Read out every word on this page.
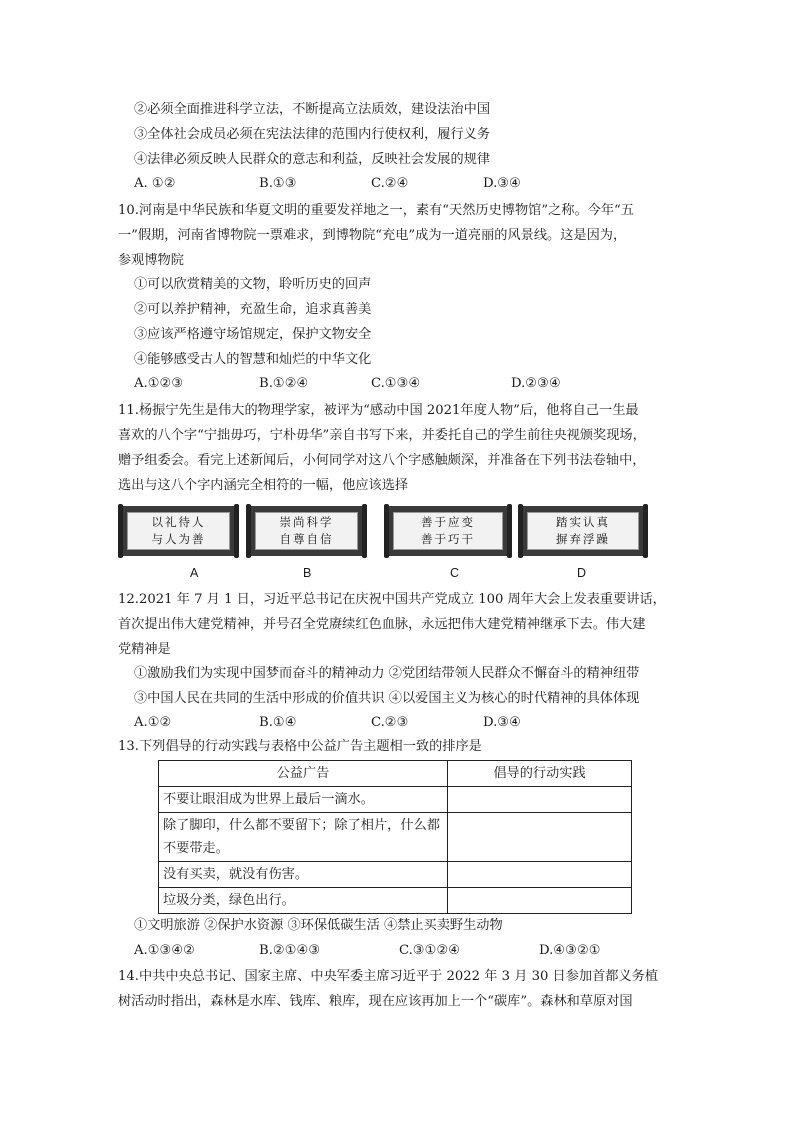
②必须全面推进科学立法，不断提高立法质效，建设法治中国
③全体社会成员必须在宪法法律的范围内行使权利，履行义务
④法律必须反映人民群众的意志和利益，反映社会发展的规律
A. ①②	B.①③	C.②④	D.③④
10.河南是中华民族和华夏文明的重要发祥地之一，素有“天然历史博物馆”之称。今年“五
一”假期，河南省博物院一票难求，到博物院“充电”成为一道亮丽的风景线。这是因为，
参观博物院
①可以欣赏精美的文物，聆听历史的回声
②可以养护精神，充盈生命，追求真善美
③应该严格遵守场馆规定，保护文物安全
④能够感受古人的智慧和灿烂的中华文化
A.①②③	B.①②④	C.①③④	D.②③④
11.杨振宁先生是伟大的物理学家，被评为“感动中国 2021年度人物”后，他将自己一生最
喜欢的八个字“宁拙毋巧，宁朴毋华”亲自书写下来，并委托自己的学生前往央视颁奖现场，
赠予组委会。看完上述新闻后，小何同学对这八个字感触颇深，并准备在下列书法卷轴中，
选出与这八个字内涵完全相符的一幅，他应该选择
以礼待人
与人为善
崇尚科学
自尊自信
善于应变
善于巧干
踏实认真
摒弃浮躁
A	B	C	D
12.2021 年 7 月 1 日，习近平总书记在庆祝中国共产党成立 100 周年大会上发表重要讲话，
首次提出伟大建党精神，并号召全党赓续红色血脉，永远把伟大建党精神继承下去。伟大建
党精神是
①激励我们为实现中国梦而奋斗的精神动力 ②党团结带领人民群众不懈奋斗的精神纽带
③中国人民在共同的生活中形成的价值共识 ④以爱国主义为核心的时代精神的具体体现
A.①②	B.①④	C.②③	D.③④
13.下列倡导的行动实践与表格中公益广告主题相一致的排序是
公益广告	倡导的行动实践
不要让眼泪成为世界上最后一滴水。	
除了脚印，什么都不要留下；除了相片，什么都不要带走。	
没有买卖，就没有伤害。	
垃圾分类，绿色出行。	
①文明旅游 ②保护水资源 ③环保低碳生活 ④禁止买卖野生动物
A.①③④②	B.②①④③	C.③①②④	D.④③②①
14.中共中央总书记、国家主席、中央军委主席习近平于 2022 年 3 月 30 日参加首都义务植
树活动时指出，森林是水库、钱库、粮库，现在应该再加上一个“碳库”。森林和草原对国
